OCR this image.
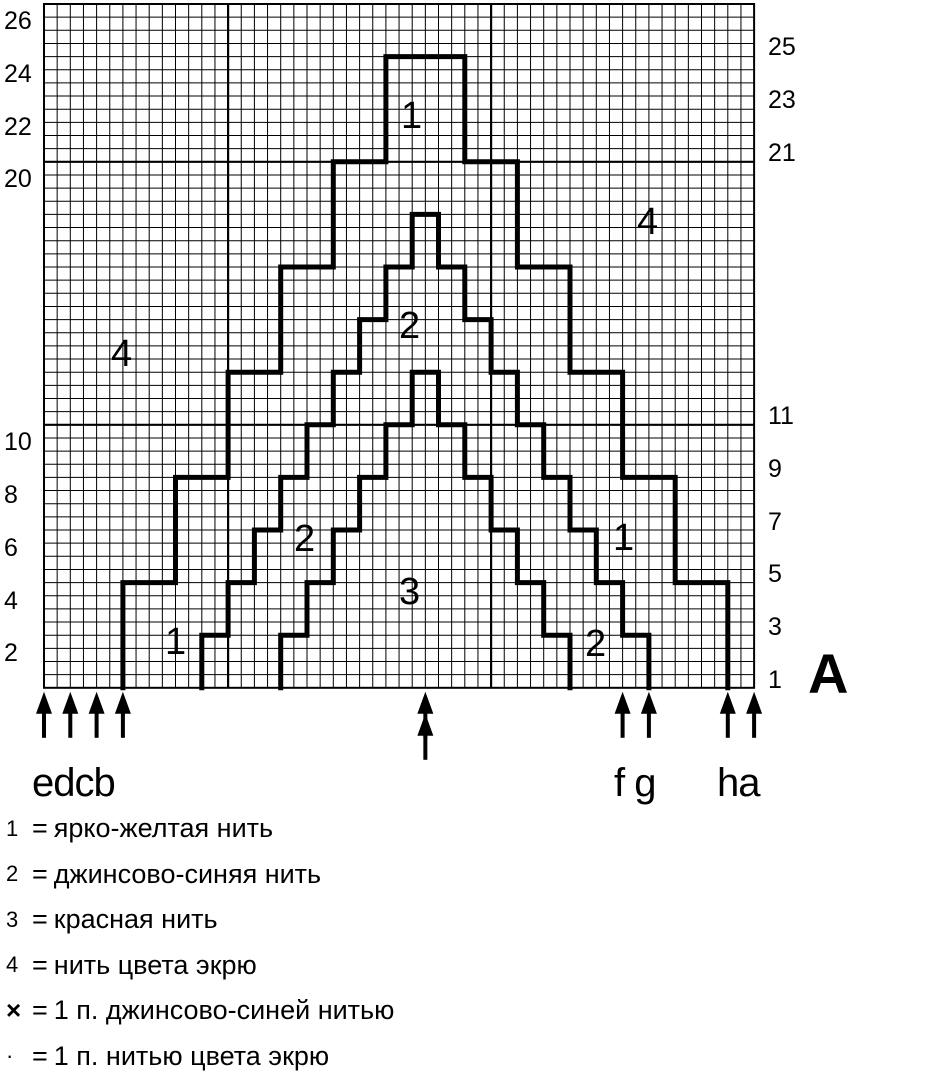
26
24
22
20
10
8
6
4
2
25
23
21
11
9
7
5
3
1
1
2
4
4
2
3
1
1	2	A
edcb	f g ha
1 = ярко-желтая нить
2 = джинсово-синяя нить
3 = красная нить
4 = нить цвета экрю
× = 1 п. джинсово-синей нитью
· = 1 п. нитью цвета экрю
